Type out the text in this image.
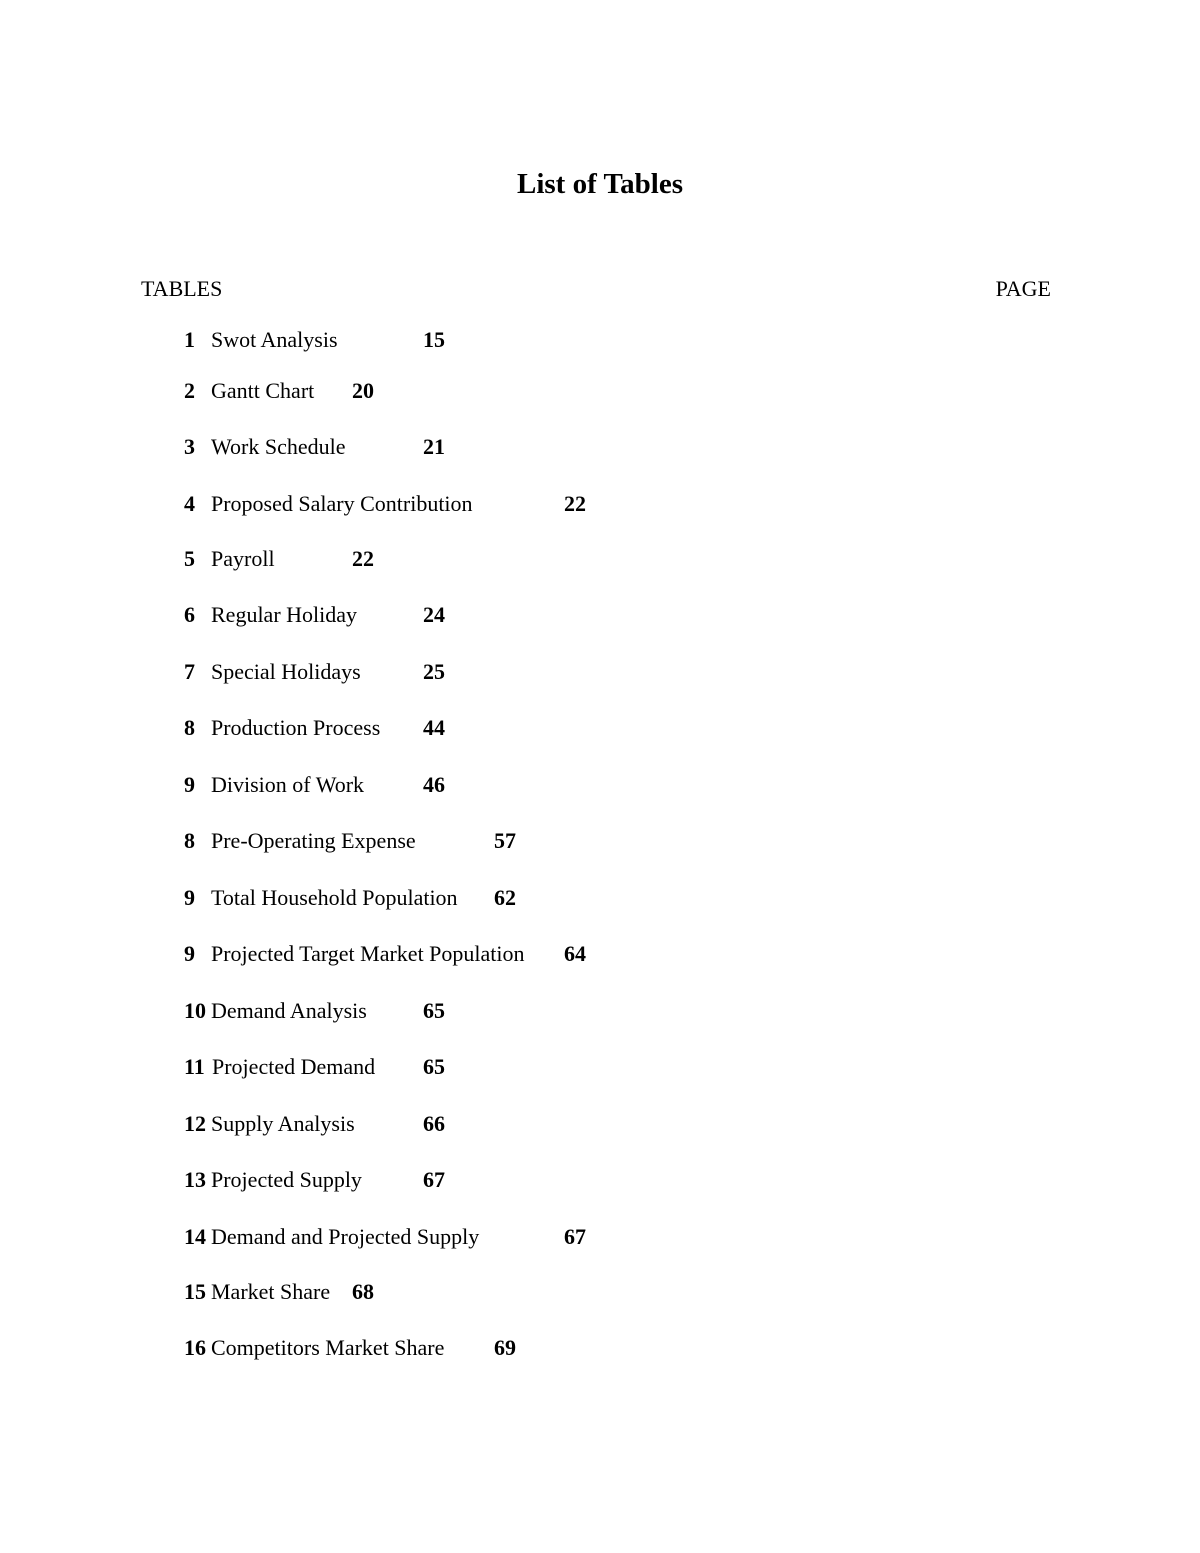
List of Tables
TABLES	PAGE
1 Swot Analysis	15
2 Gantt Chart 20
3 Work Schedule	21
4 Proposed Salary Contribution	22
5 Payroll	22
6 Regular Holiday	24
7 Special Holidays	25
8 Production Process 44
9 Division of Work	46
8 Pre-Operating Expense	57
9 Total Household Population 62
9 Projected Target Market Population 64
10 Demand Analysis	65
11 Projected Demand 65
12 Supply Analysis	66
13 Projected Supply	67
14 Demand and Projected Supply	67
15 Market Share 68
16 Competitors Market Share 69
